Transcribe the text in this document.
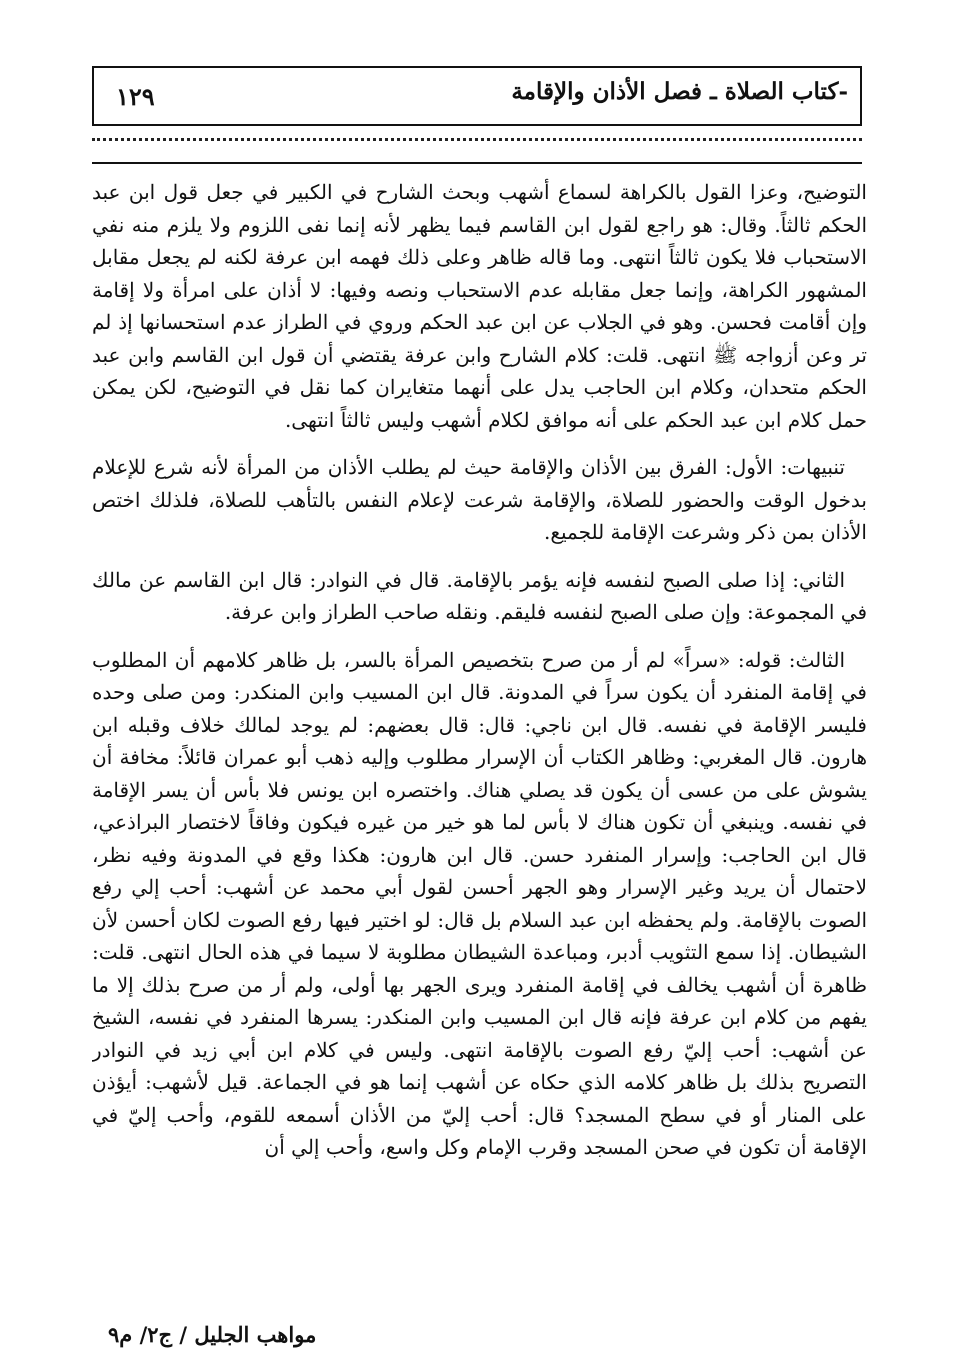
-كتاب الصلاة ـ فصل الأذان والإقامة
١٢٩

التوضيح، وعزا القول بالكراهة لسماع أشهب وبحث الشارح في الكبير في جعل قول ابن عبد الحكم ثالثاً. وقال: هو راجع لقول ابن القاسم فيما يظهر لأنه إنما نفى اللزوم ولا يلزم منه نفي الاستحباب فلا يكون ثالثاً انتهى. وما قاله ظاهر وعلى ذلك فهمه ابن عرفة لكنه لم يجعل مقابل المشهور الكراهة، وإنما جعل مقابله عدم الاستحباب ونصه وفيها: لا أذان على امرأة ولا إقامة وإن أقامت فحسن. وهو في الجلاب عن ابن عبد الحكم وروي في الطراز عدم استحسانها إذ لم تر وعن أزواجه ﷺ انتهى. قلت: كلام الشارح وابن عرفة يقتضي أن قول ابن القاسم وابن عبد الحكم متحدان، وكلام ابن الحاجب يدل على أنهما متغايران كما نقل في التوضيح، لكن يمكن حمل كلام ابن عبد الحكم على أنه موافق لكلام أشهب وليس ثالثاً انتهى.

تنبيهات: الأول: الفرق بين الأذان والإقامة حيث لم يطلب الأذان من المرأة لأنه شرع للإعلام بدخول الوقت والحضور للصلاة، والإقامة شرعت لإعلام النفس بالتأهب للصلاة، فلذلك اختص الأذان بمن ذكر وشرعت الإقامة للجميع.

الثاني: إذا صلى الصبح لنفسه فإنه يؤمر بالإقامة. قال في النوادر: قال ابن القاسم عن مالك في المجموعة: وإن صلى الصبح لنفسه فليقم. ونقله صاحب الطراز وابن عرفة.

الثالث: قوله: «سراً» لم أر من صرح بتخصيص المرأة بالسر، بل ظاهر كلامهم أن المطلوب في إقامة المنفرد أن يكون سراً في المدونة. قال ابن المسيب وابن المنكدر: ومن صلى وحده فليسر الإقامة في نفسه. قال ابن ناجي: قال: قال بعضهم: لم يوجد لمالك خلاف وقبله ابن هارون. قال المغربي: وظاهر الكتاب أن الإسرار مطلوب وإليه ذهب أبو عمران قائلاً: مخافة أن يشوش على من عسى أن يكون قد يصلي هناك. واختصره ابن يونس فلا بأس أن يسر الإقامة في نفسه. وينبغي أن تكون هناك لا بأس لما هو خير من غيره فيكون وفاقاً لاختصار البراذعي، قال ابن الحاجب: وإسرار المنفرد حسن. قال ابن هارون: هكذا وقع في المدونة وفيه نظر، لاحتمال أن يريد وغير الإسرار وهو الجهر أحسن لقول أبي محمد عن أشهب: أحب إلي رفع الصوت بالإقامة. ولم يحفظه ابن عبد السلام بل قال: لو اختير فيها رفع الصوت لكان أحسن لأن الشيطان. إذا سمع التثويب أدبر، ومباعدة الشيطان مطلوبة لا سيما في هذه الحال انتهى. قلت: ظاهرة أن أشهب يخالف في إقامة المنفرد ويرى الجهر بها أولى، ولم أر من صرح بذلك إلا ما يفهم من كلام ابن عرفة فإنه قال ابن المسيب وابن المنكدر: يسرها المنفرد في نفسه، الشيخ عن أشهب: أحب إليّ رفع الصوت بالإقامة انتهى. وليس في كلام ابن أبي زيد في النوادر التصريح بذلك بل ظاهر كلامه الذي حكاه عن أشهب إنما هو في الجماعة. قيل لأشهب: أيؤذن على المنار أو في سطح المسجد؟ قال: أحب إليّ من الأذان أسمعه للقوم، وأحب إليّ في الإقامة أن تكون في صحن المسجد وقرب الإمام وكل واسع، وأحب إلي أن

مواهب الجليل / ج٢/ م٩
